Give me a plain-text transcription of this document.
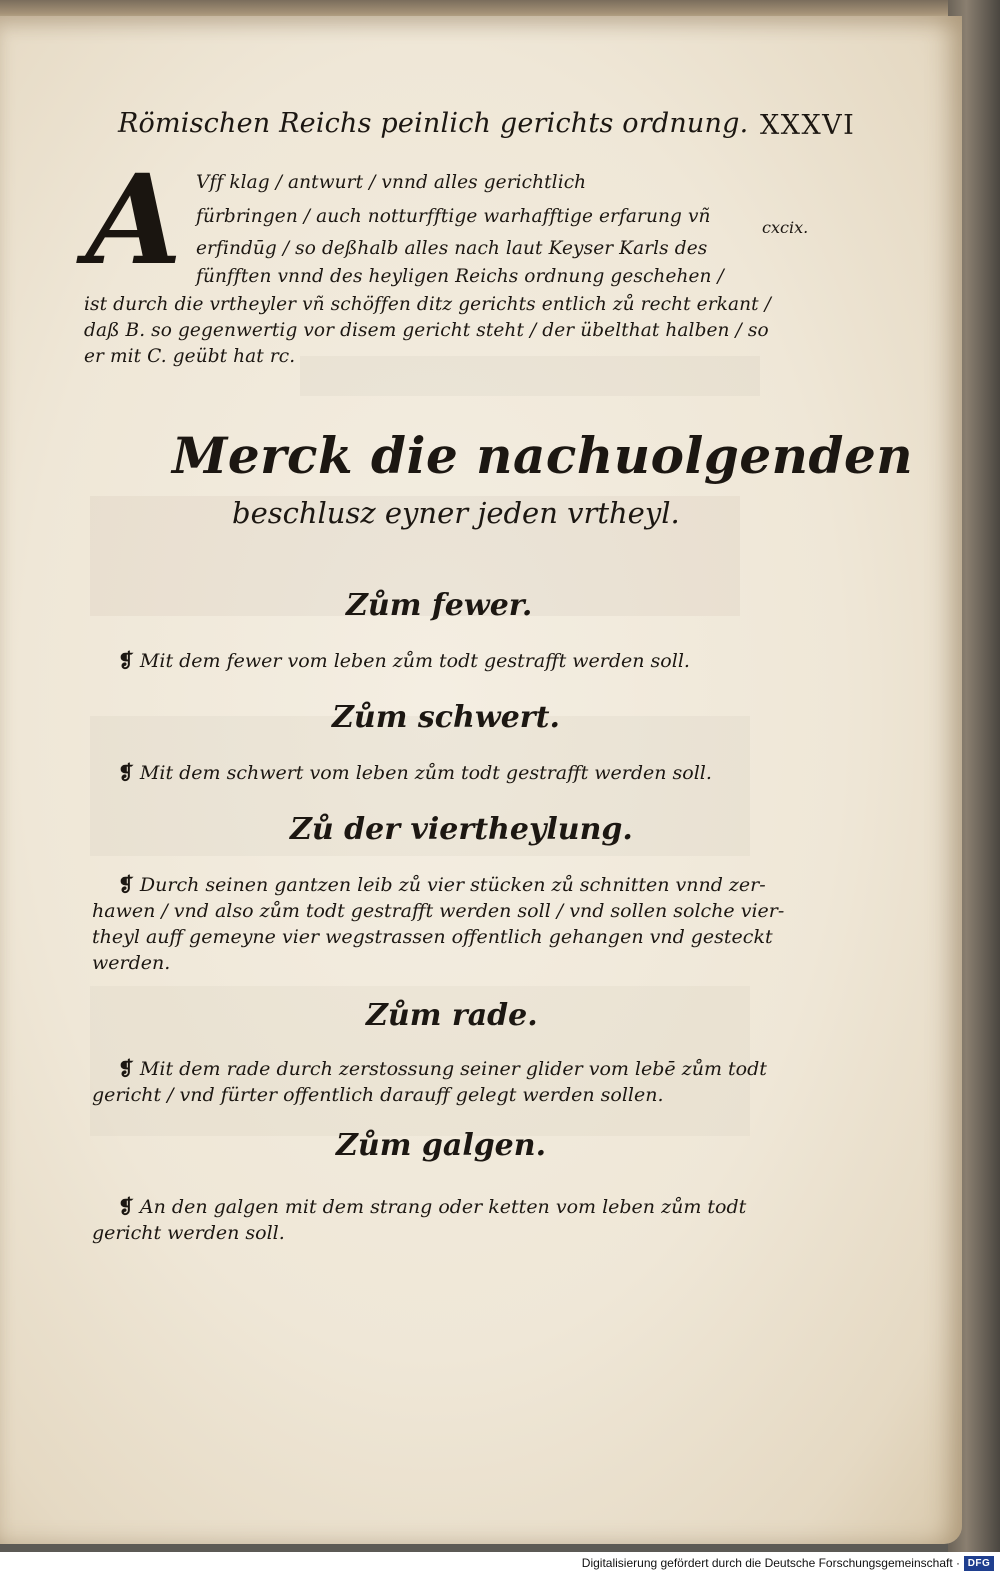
Römischen Reichs peinlich gerichts ordnung. XXXVI
A Vff klag / antwurt / vnnd alles gerichtlich
fürbringen / auch notturfftige warhafftige erfarung vñ
erfindūg / so deßhalb alles nach laut Keyser Karls des
fünfften vnnd des heyligen Reichs ordnung geschehen /
ist durch die vrtheyler vñ schöffen ditz gerichts entlich zů recht erkant /
daß B. so gegenwertig vor disem gericht steht / der übelthat halben / so
er mit C. geübt hat rc.
cxcix.
Merck die nachuolgenden
beschlusz eyner jeden vrtheyl.
Zům fewer.
❡ Mit dem fewer vom leben zům todt gestrafft werden soll.
Zům schwert.
❡ Mit dem schwert vom leben zům todt gestrafft werden soll.
Zů der viertheylung.
❡ Durch seinen gantzen leib zů vier stücken zů schnitten vnnd zer-
hawen / vnd also zům todt gestrafft werden soll / vnd sollen solche vier-
theyl auff gemeyne vier wegstrassen offentlich gehangen vnd gesteckt
werden.
Zům rade.
❡ Mit dem rade durch zerstossung seiner glider vom lebē zům todt
gericht / vnd fürter offentlich darauff gelegt werden sollen.
Zům galgen.
❡ An den galgen mit dem strang oder ketten vom leben zům todt
gericht werden soll.
Digitalisierung gefördert durch die Deutsche Forschungsgemeinschaft · DFG
